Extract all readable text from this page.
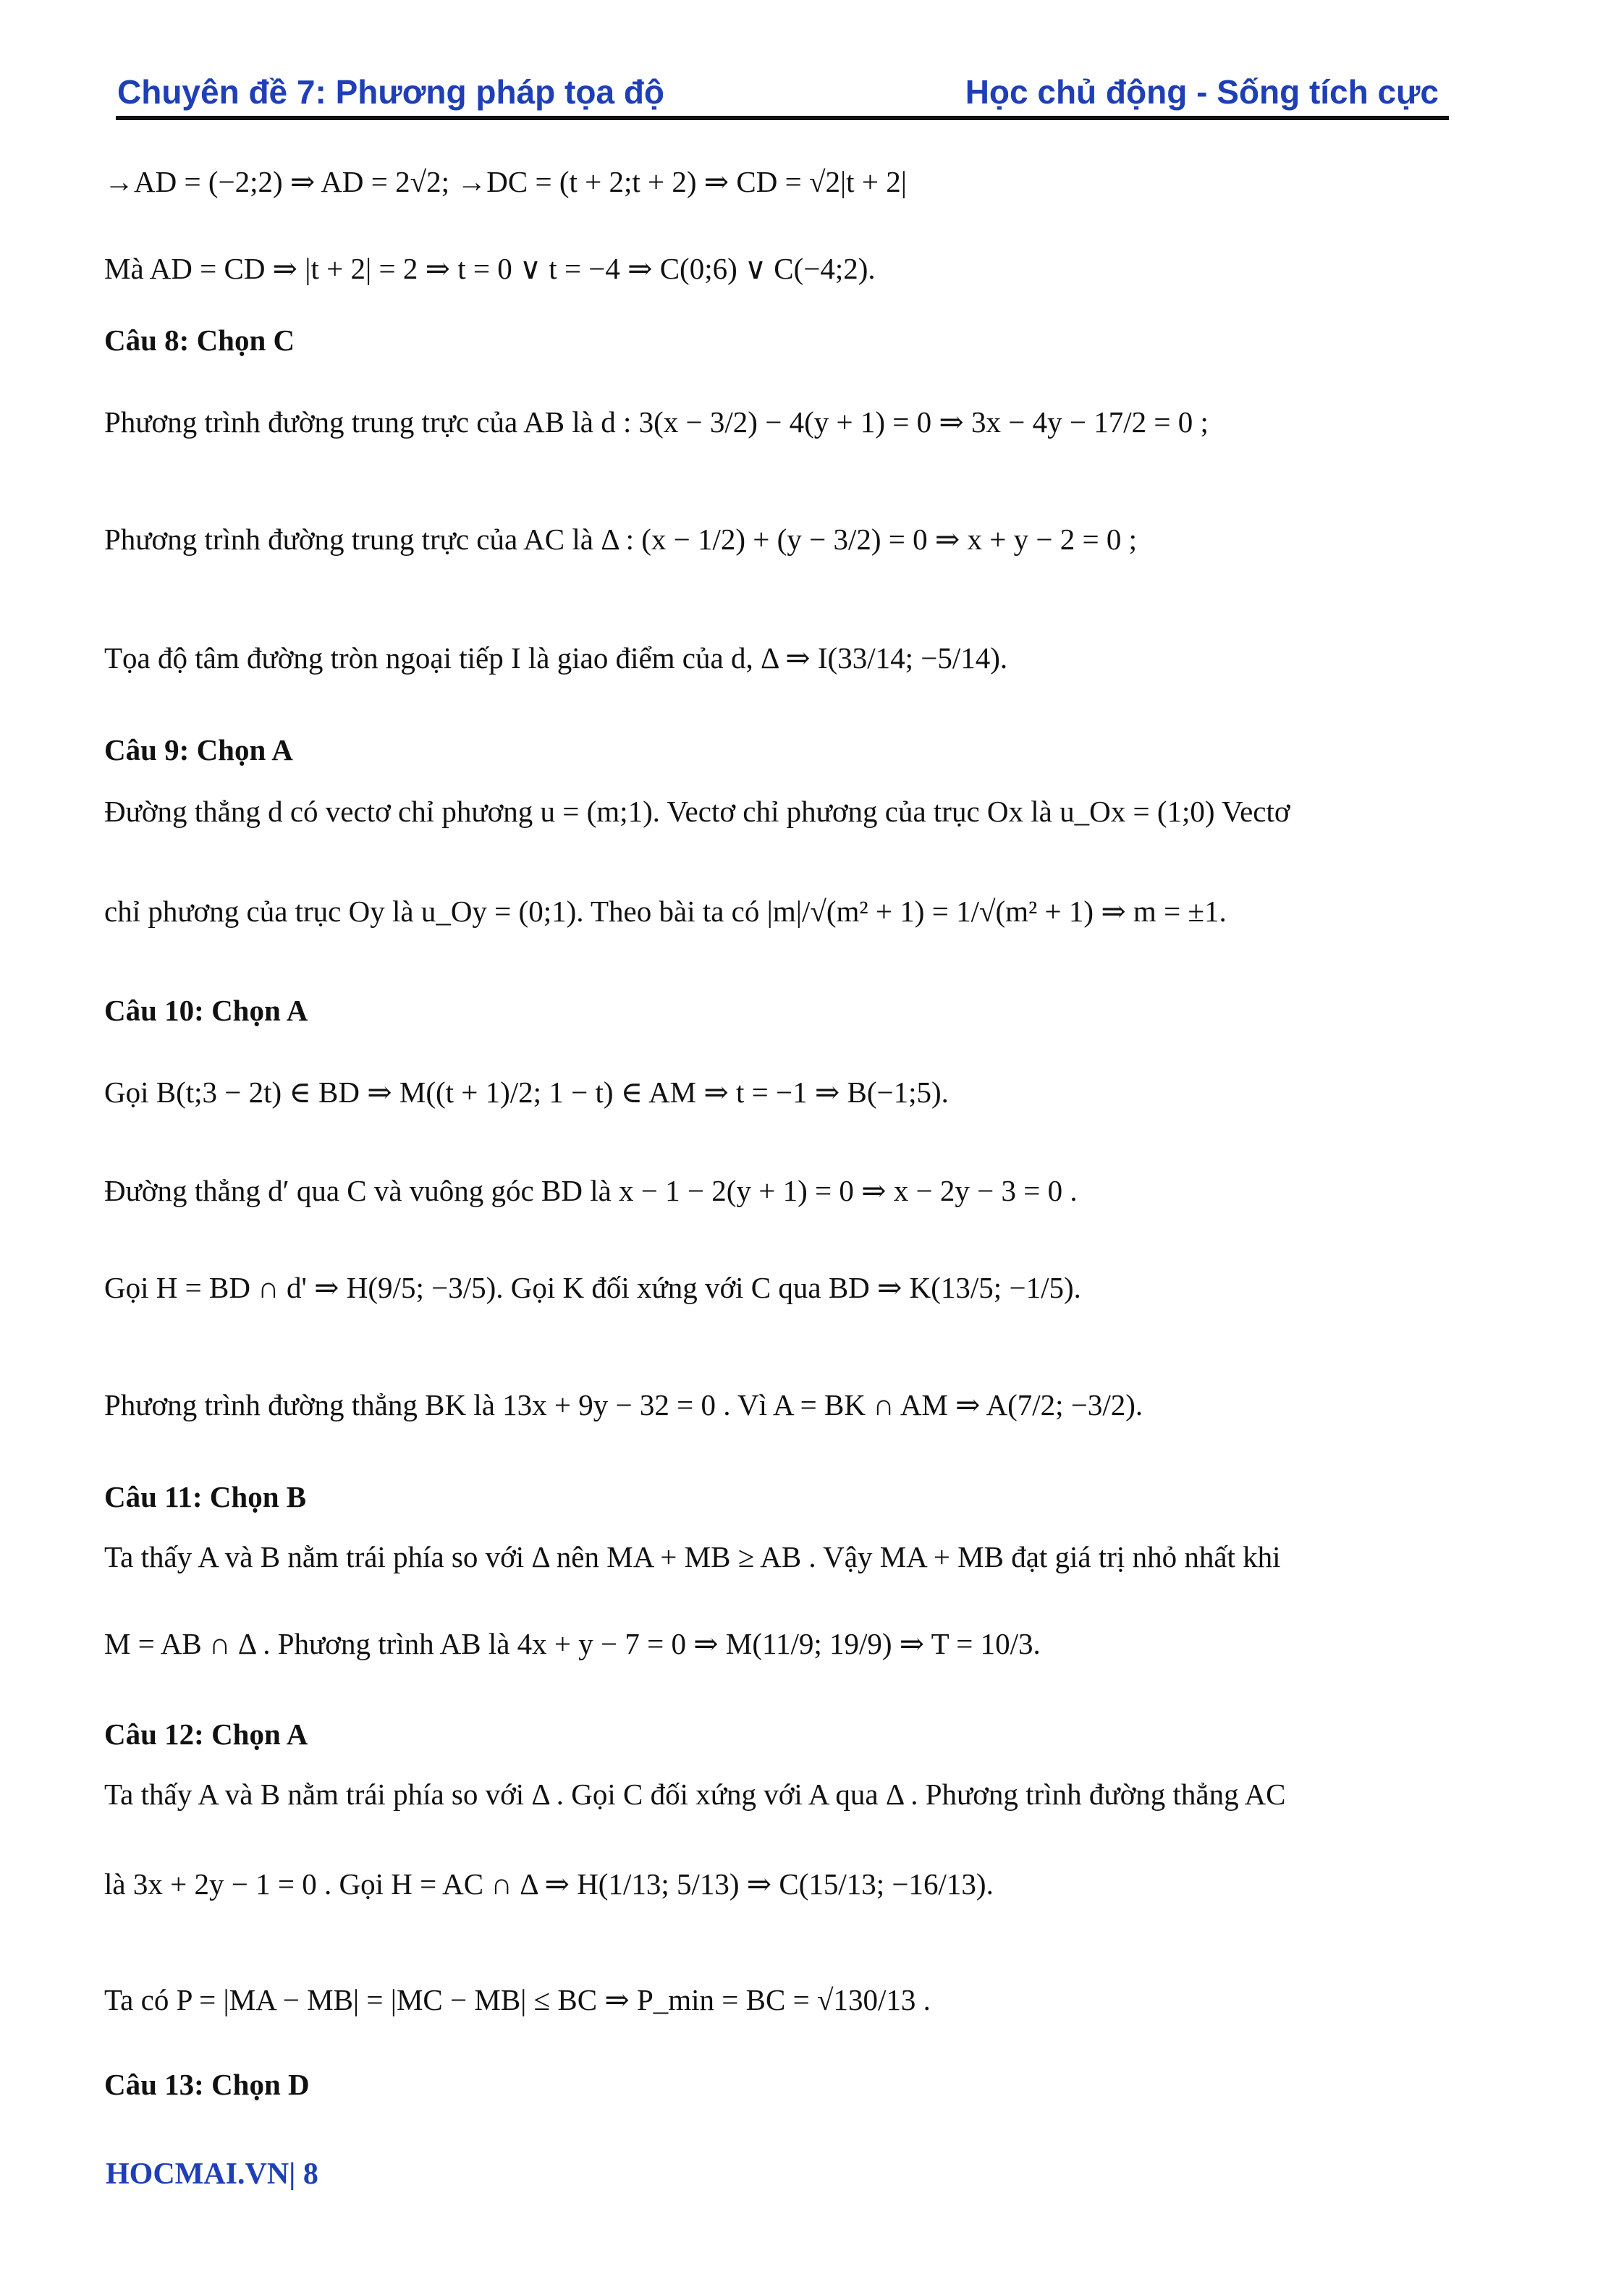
Chuyên đề 7: Phương pháp tọa độ	Học chủ động - Sống tích cực
→AD = (−2;2) ⇒ AD = 2√2; →DC = (t + 2;t + 2) ⇒ CD = √2|t + 2|
Mà AD = CD ⇒ |t + 2| = 2 ⇒ t = 0 ∨ t = −4 ⇒ C(0;6) ∨ C(−4;2).
Câu 8: Chọn C
Phương trình đường trung trực của AB là d : 3(x − 3/2) − 4(y + 1) = 0 ⇒ 3x − 4y − 17/2 = 0 ;
Phương trình đường trung trực của AC là Δ : (x − 1/2) + (y − 3/2) = 0 ⇒ x + y − 2 = 0 ;
Tọa độ tâm đường tròn ngoại tiếp I là giao điểm của d, Δ ⇒ I(33/14; −5/14).
Câu 9: Chọn A
Đường thẳng d có vectơ chỉ phương u = (m;1). Vectơ chỉ phương của trục Ox là u_Ox = (1;0) Vectơ
chỉ phương của trục Oy là u_Oy = (0;1). Theo bài ta có |m|/√(m² + 1) = 1/√(m² + 1) ⇒ m = ±1.
Câu 10: Chọn A
Gọi B(t;3 − 2t) ∈ BD ⇒ M((t + 1)/2; 1 − t) ∈ AM ⇒ t = −1 ⇒ B(−1;5).
Đường thẳng d′ qua C và vuông góc BD là x − 1 − 2(y + 1) = 0 ⇒ x − 2y − 3 = 0 .
Gọi H = BD ∩ d' ⇒ H(9/5; −3/5). Gọi K đối xứng với C qua BD ⇒ K(13/5; −1/5).
Phương trình đường thẳng BK là 13x + 9y − 32 = 0 . Vì A = BK ∩ AM ⇒ A(7/2; −3/2).
Câu 11: Chọn B
Ta thấy A và B nằm trái phía so với Δ nên MA + MB ≥ AB . Vậy MA + MB đạt giá trị nhỏ nhất khi
M = AB ∩ Δ . Phương trình AB là 4x + y − 7 = 0 ⇒ M(11/9; 19/9) ⇒ T = 10/3.
Câu 12: Chọn A
Ta thấy A và B nằm trái phía so với Δ . Gọi C đối xứng với A qua Δ . Phương trình đường thẳng AC
là 3x + 2y − 1 = 0 . Gọi H = AC ∩ Δ ⇒ H(1/13; 5/13) ⇒ C(15/13; −16/13).
Ta có P = |MA − MB| = |MC − MB| ≤ BC ⇒ P_min = BC = √130/13 .
Câu 13: Chọn D
HOCMAI.VN| 8
